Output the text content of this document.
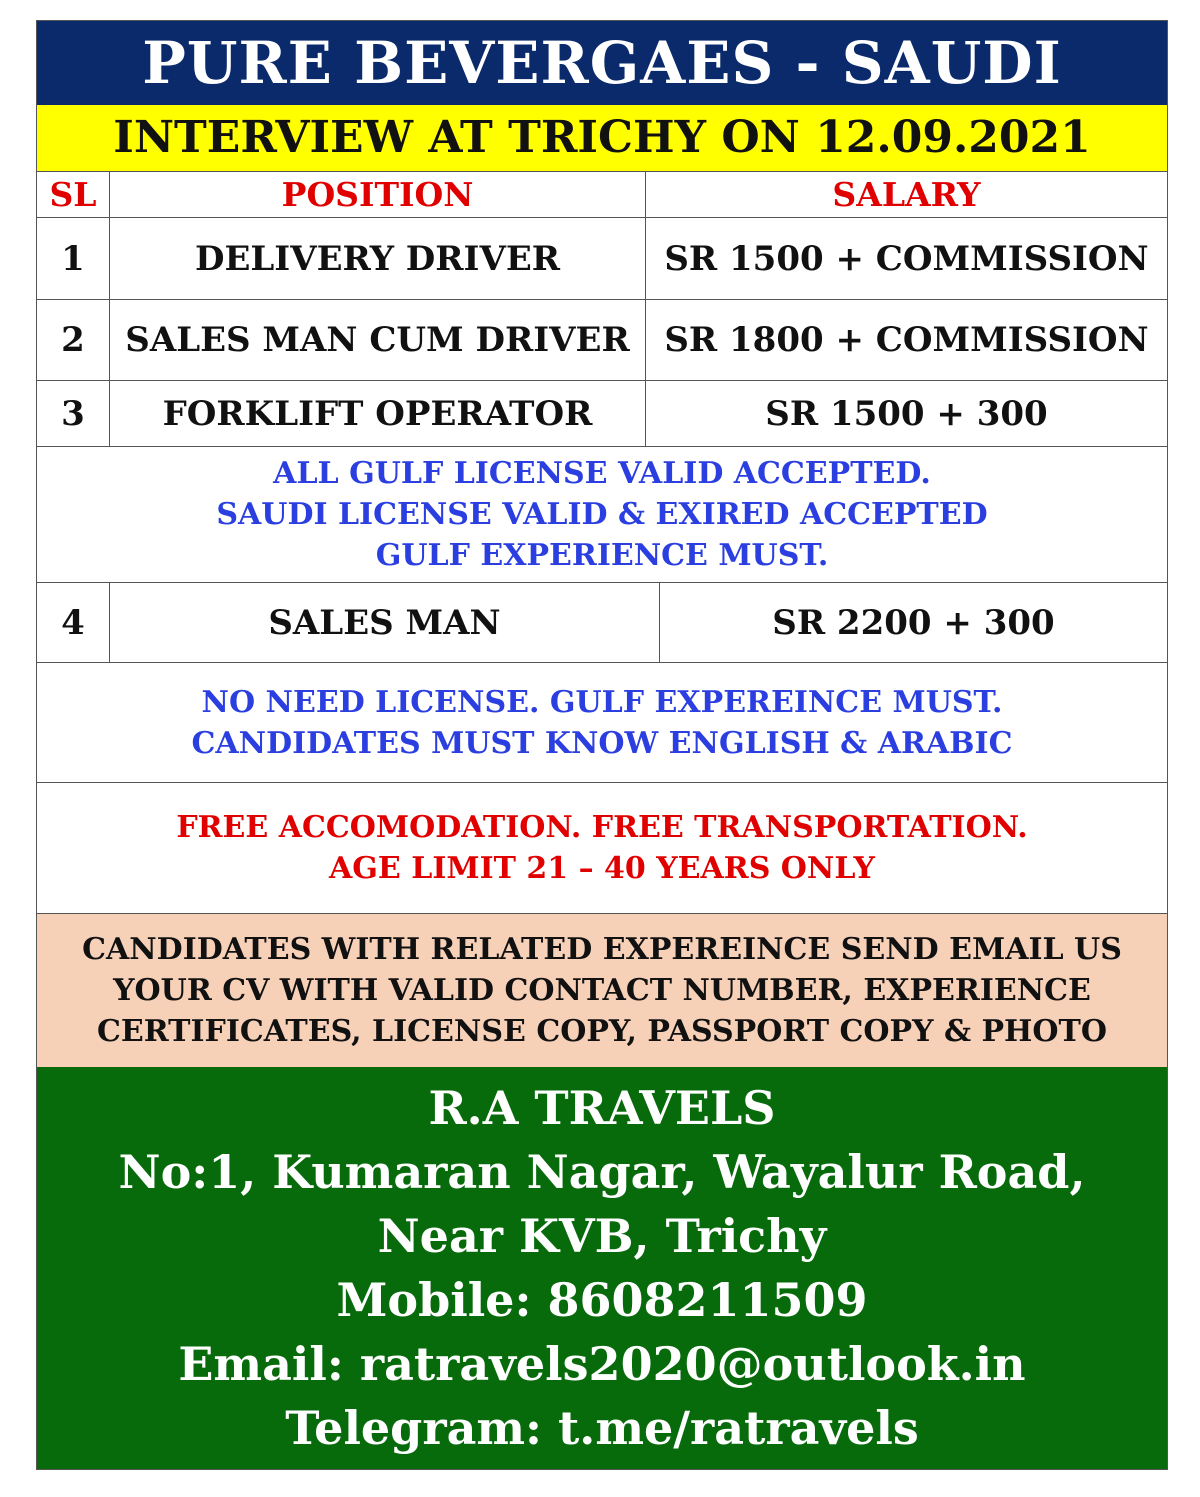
PURE BEVERGAES - SAUDI
INTERVIEW AT TRICHY ON 12.09.2021
SL	POSITION	SALARY
1	DELIVERY DRIVER	SR 1500 + COMMISSION
2	SALES MAN CUM DRIVER	SR 1800 + COMMISSION
3	FORKLIFT OPERATOR	SR 1500 + 300
ALL GULF LICENSE VALID ACCEPTED.
SAUDI LICENSE VALID & EXIRED ACCEPTED
GULF EXPERIENCE MUST.
4	SALES MAN	SR 2200 + 300
NO NEED LICENSE. GULF EXPEREINCE MUST.
CANDIDATES MUST KNOW ENGLISH & ARABIC
FREE ACCOMODATION. FREE TRANSPORTATION.
AGE LIMIT 21 – 40 YEARS ONLY
CANDIDATES WITH RELATED EXPEREINCE SEND EMAIL US
YOUR CV WITH VALID CONTACT NUMBER, EXPERIENCE
CERTIFICATES, LICENSE COPY, PASSPORT COPY & PHOTO
R.A TRAVELS
No:1, Kumaran Nagar, Wayalur Road,
Near KVB, Trichy
Mobile: 8608211509
Email: ratravels2020@outlook.in
Telegram: t.me/ratravels
